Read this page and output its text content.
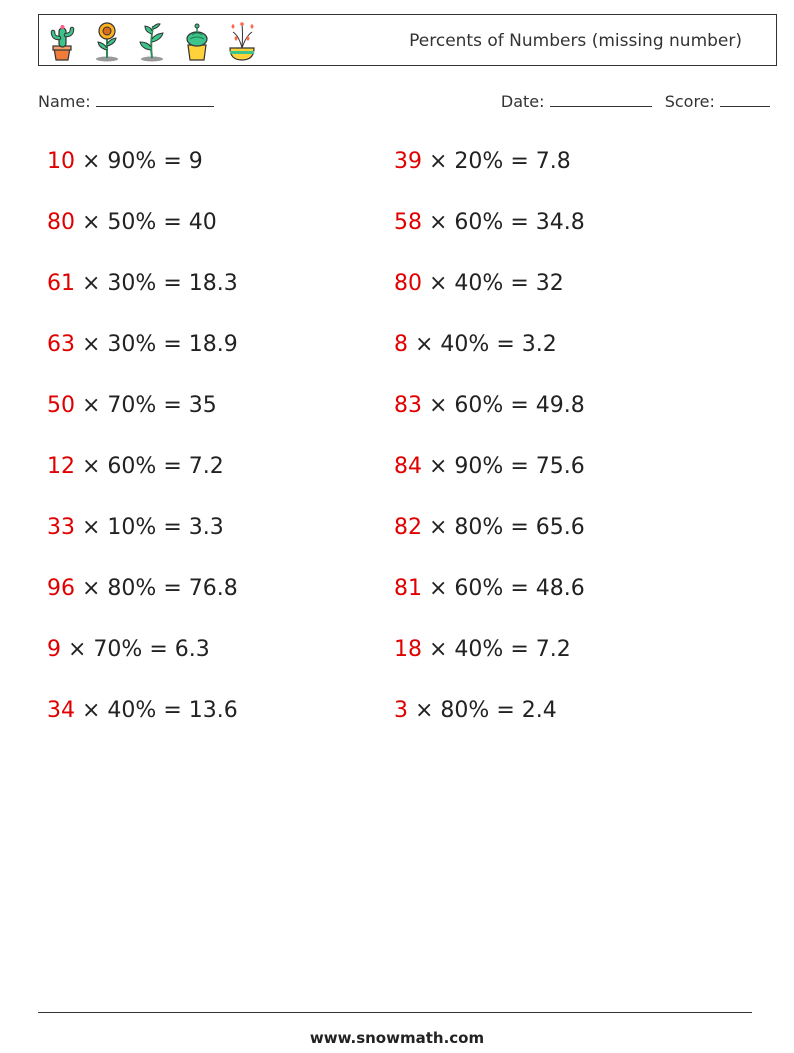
Percents of Numbers (missing number)
Name:	Date:	Score:
10 × 90% = 9	39 × 20% = 7.8
80 × 50% = 40	58 × 60% = 34.8
61 × 30% = 18.3	80 × 40% = 32
63 × 30% = 18.9	8 × 40% = 3.2
50 × 70% = 35	83 × 60% = 49.8
12 × 60% = 7.2	84 × 90% = 75.6
33 × 10% = 3.3	82 × 80% = 65.6
96 × 80% = 76.8	81 × 60% = 48.6
9 × 70% = 6.3	18 × 40% = 7.2
34 × 40% = 13.6	3 × 80% = 2.4
www.snowmath.com
